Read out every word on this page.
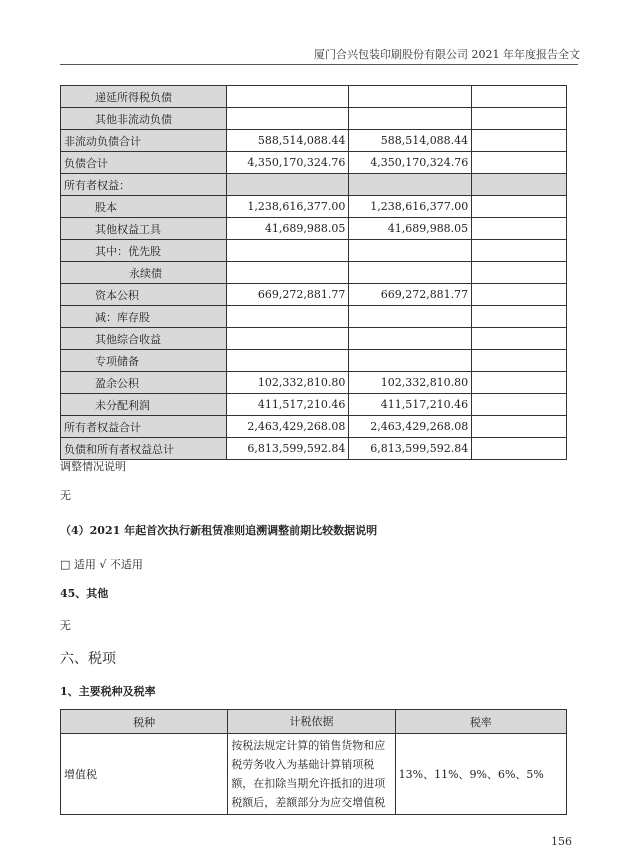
厦门合兴包装印刷股份有限公司 2021 年年度报告全文
递延所得税负债			
其他非流动负债			
非流动负债合计	588,514,088.44	588,514,088.44	
负债合计	4,350,170,324.76	4,350,170,324.76	
所有者权益：			
股本	1,238,616,377.00	1,238,616,377.00	
其他权益工具	41,689,988.05	41,689,988.05	
其中：优先股			
永续债			
资本公积	669,272,881.77	669,272,881.77	
减：库存股			
其他综合收益			
专项储备			
盈余公积	102,332,810.80	102,332,810.80	
未分配利润	411,517,210.46	411,517,210.46	
所有者权益合计	2,463,429,268.08	2,463,429,268.08	
负债和所有者权益总计	6,813,599,592.84	6,813,599,592.84	
调整情况说明
无
（4）2021 年起首次执行新租赁准则追溯调整前期比较数据说明
□ 适用 √ 不适用
45、其他
无
六、税项
1、主要税种及税率
税种	计税依据	税率
增值税	按税法规定计算的销售货物和应税劳务收入为基础计算销项税额，在扣除当期允许抵扣的进项税额后，差额部分为应交增值税	13%、11%、9%、6%、5%
156
